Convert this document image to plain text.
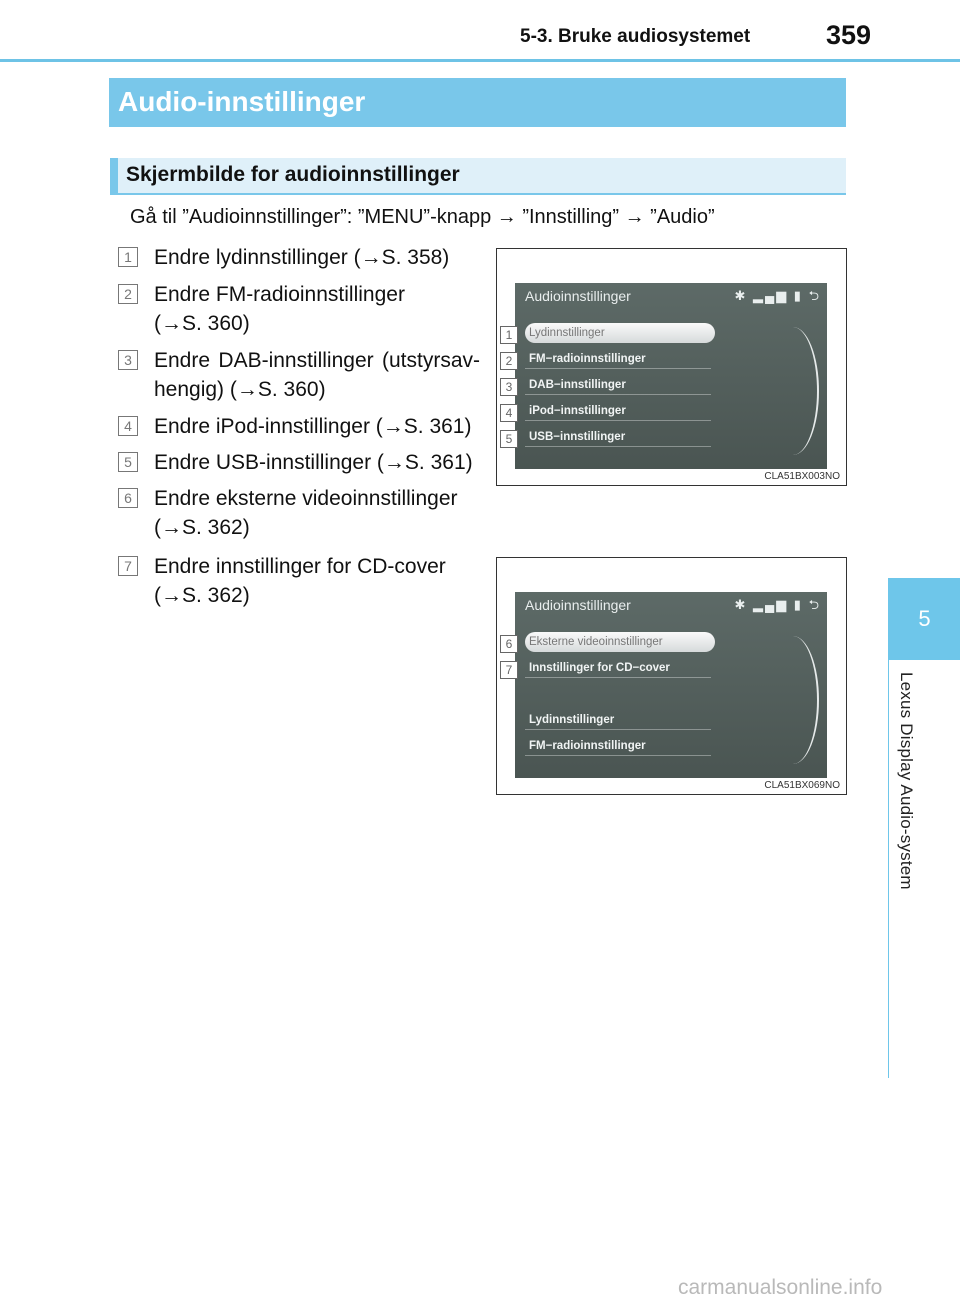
5-3. Bruke audiosystemet	359
5
Lexus Display Audio-system
Audio-innstillinger
Skjermbilde for audioinnstillinger
Gå til ”Audioinnstillinger”: ”MENU”-knapp → ”Innstilling” → ”Audio”
1 Endre lydinnstillinger (→S. 358)
2 Endre FM-radioinnstillinger (→S. 360)
3 Endre DAB-innstillinger (utstyrsav- hengig) (→S. 360)
4 Endre iPod-innstillinger (→S. 361)
5 Endre USB-innstillinger (→S. 361)
6 Endre eksterne videoinnstillinger (→S. 362)
7 Endre innstillinger for CD-cover (→S. 362)
Audioinnstillinger	✱ ▂▄▆ ▮ ⮌
Lydinnstillinger
FM−radioinnstillinger
DAB−innstillinger
iPod−innstillinger
USB−innstillinger
1
2
3
4
5
CLA51BX003NO
Audioinnstillinger	✱ ▂▄▆ ▮ ⮌
Eksterne videoinnstillinger
Innstillinger for CD−cover
Lydinnstillinger
FM−radioinnstillinger
6
7
CLA51BX069NO
carmanualsonline.info
